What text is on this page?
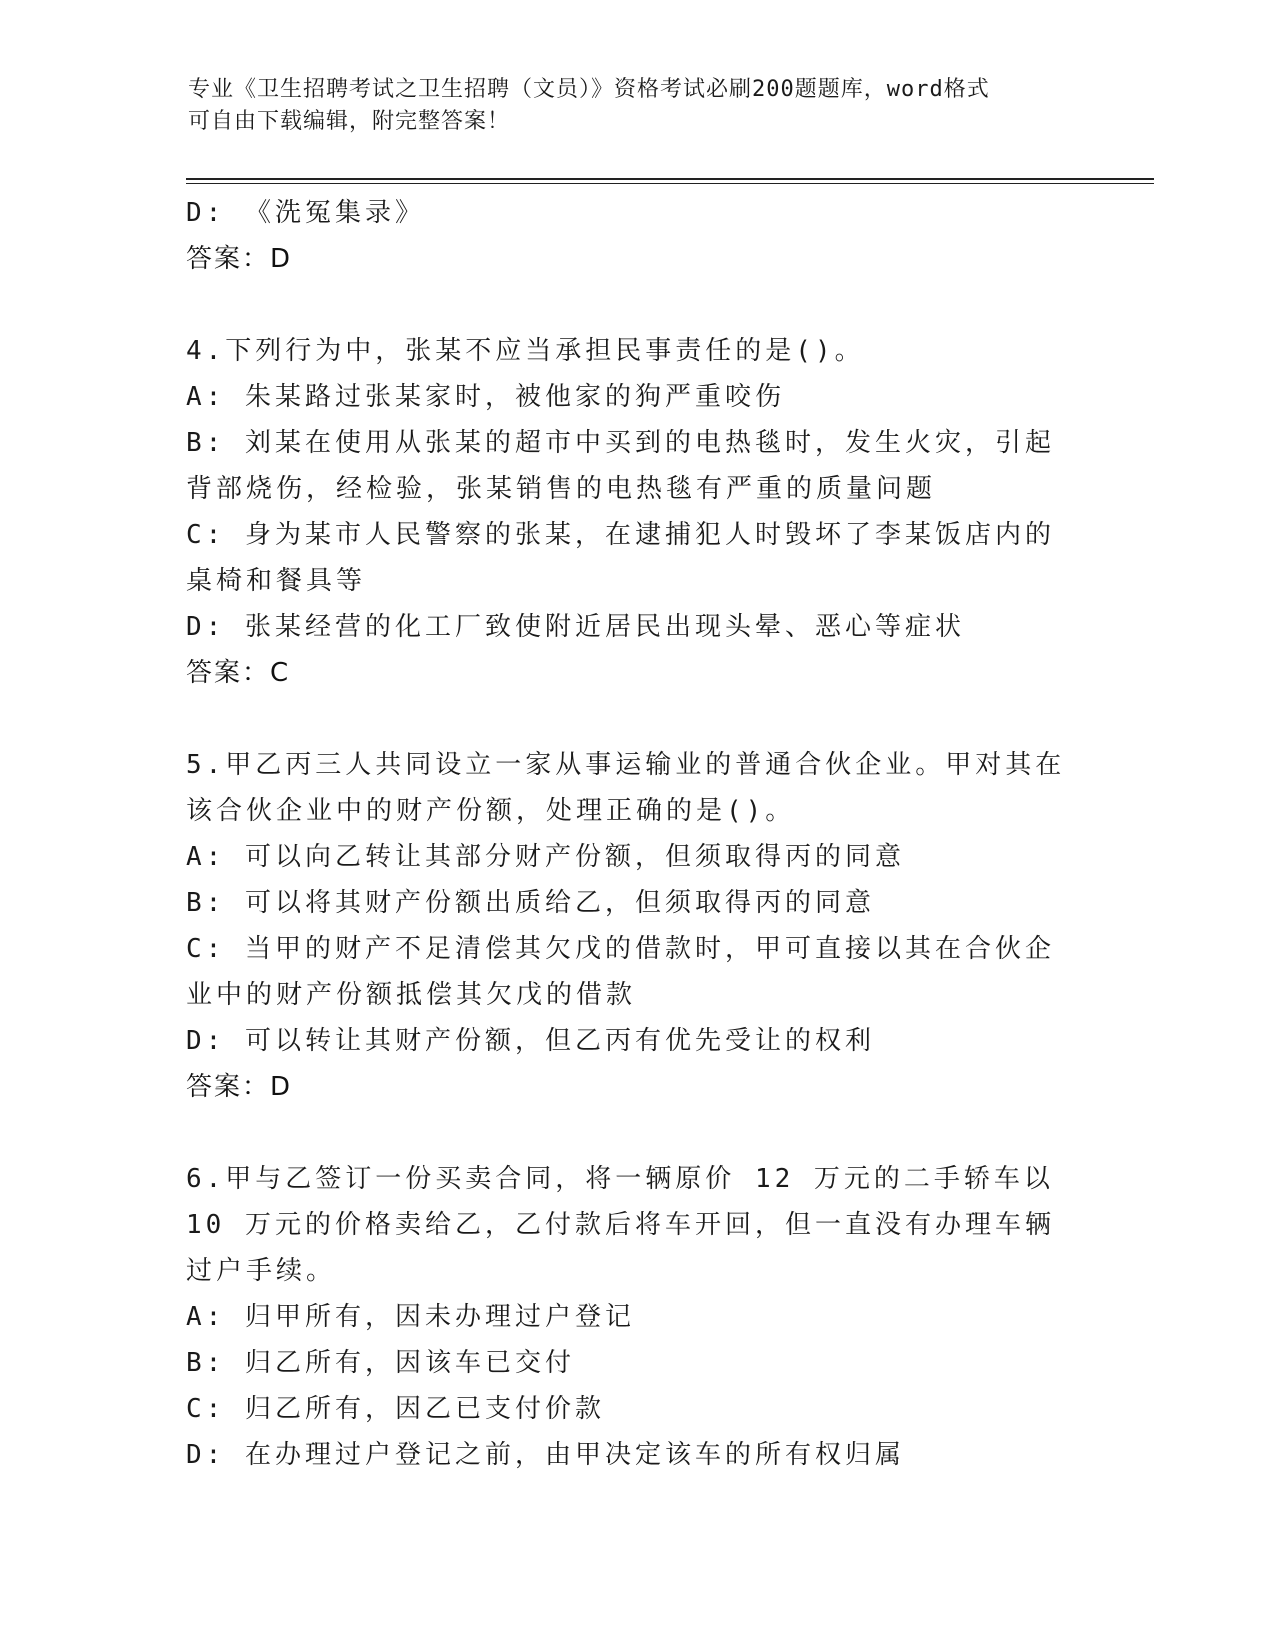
专业《卫生招聘考试之卫生招聘（文员）》资格考试必刷200题题库，word格式
可自由下载编辑，附完整答案！
D: 《洗冤集录》
答案：D
4.下列行为中，张某不应当承担民事责任的是()。
A: 朱某路过张某家时，被他家的狗严重咬伤
B: 刘某在使用从张某的超市中买到的电热毯时，发生火灾，引起背部烧伤，经检验，张某销售的电热毯有严重的质量问题
C: 身为某市人民警察的张某，在逮捕犯人时毁坏了李某饭店内的桌椅和餐具等
D: 张某经营的化工厂致使附近居民出现头晕、恶心等症状
答案：C
5.甲乙丙三人共同设立一家从事运输业的普通合伙企业。甲对其在该合伙企业中的财产份额，处理正确的是()。
A: 可以向乙转让其部分财产份额，但须取得丙的同意
B: 可以将其财产份额出质给乙，但须取得丙的同意
C: 当甲的财产不足清偿其欠戊的借款时，甲可直接以其在合伙企业中的财产份额抵偿其欠戊的借款
D: 可以转让其财产份额，但乙丙有优先受让的权利
答案：D
6.甲与乙签订一份买卖合同，将一辆原价 12 万元的二手轿车以 10 万元的价格卖给乙，乙付款后将车开回，但一直没有办理车辆过户手续。
A: 归甲所有，因未办理过户登记
B: 归乙所有，因该车已交付
C: 归乙所有，因乙已支付价款
D: 在办理过户登记之前，由甲决定该车的所有权归属
